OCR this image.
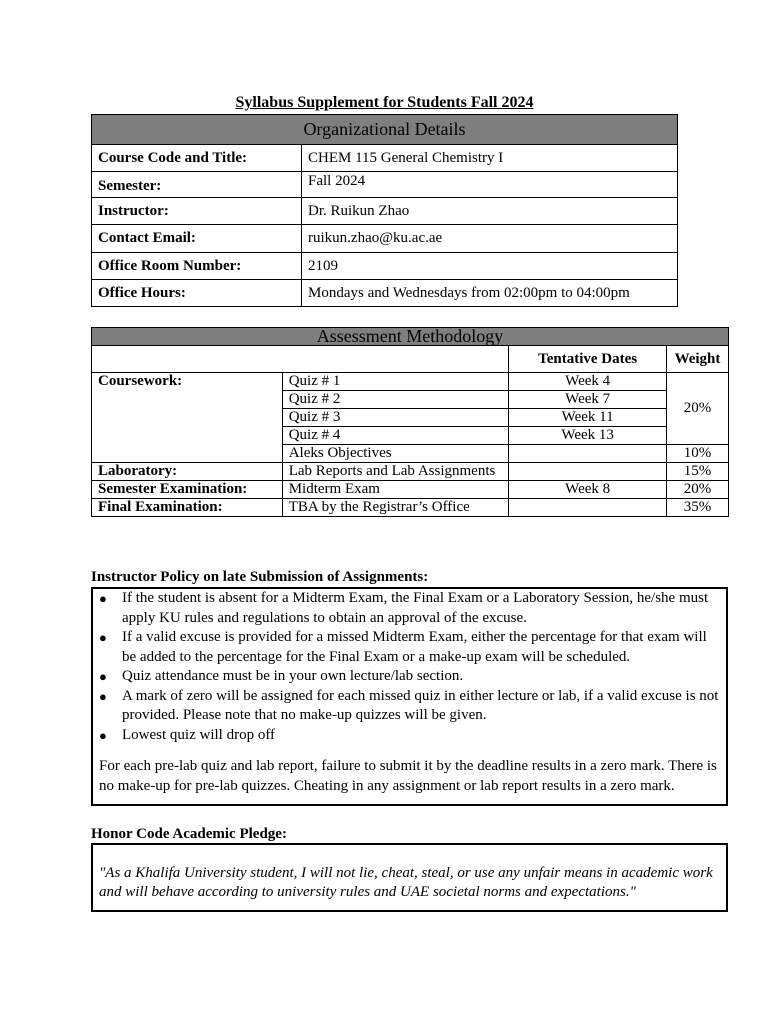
Syllabus Supplement for Students Fall 2024
Organizational Details	
Course Code and Title:	CHEM 115 General Chemistry I
Semester:	Fall 2024
Instructor:	Dr. Ruikun Zhao
Contact Email:	ruikun.zhao@ku.ac.ae
Office Room Number:	2109
Office Hours:	Mondays and Wednesdays from 02:00pm to 04:00pm
Assessment Methodology			
		Tentative Dates	Weight
Coursework:	Quiz # 1	Week 4	20%
	Quiz # 2	Week 7	
	Quiz # 3	Week 11	
	Quiz # 4	Week 13	
	Aleks Objectives		10%
Laboratory:	Lab Reports and Lab Assignments		15%
Semester Examination:	Midterm Exam	Week 8	20%
Final Examination:	TBA by the Registrar’s Office		35%
Instructor Policy on late Submission of Assignments:
● If the student is absent for a Midterm Exam, the Final Exam or a Laboratory Session, he/she must apply KU rules and regulations to obtain an approval of the excuse.
● If a valid excuse is provided for a missed Midterm Exam, either the percentage for that exam will be added to the percentage for the Final Exam or a make-up exam will be scheduled.
● Quiz attendance must be in your own lecture/lab section.
● A mark of zero will be assigned for each missed quiz in either lecture or lab, if a valid excuse is not provided. Please note that no make-up quizzes will be given.
● Lowest quiz will drop off
For each pre-lab quiz and lab report, failure to submit it by the deadline results in a zero mark. There is no make-up for pre-lab quizzes. Cheating in any assignment or lab report results in a zero mark.
Honor Code Academic Pledge:
"As a Khalifa University student, I will not lie, cheat, steal, or use any unfair means in academic work and will behave according to university rules and UAE societal norms and expectations."
